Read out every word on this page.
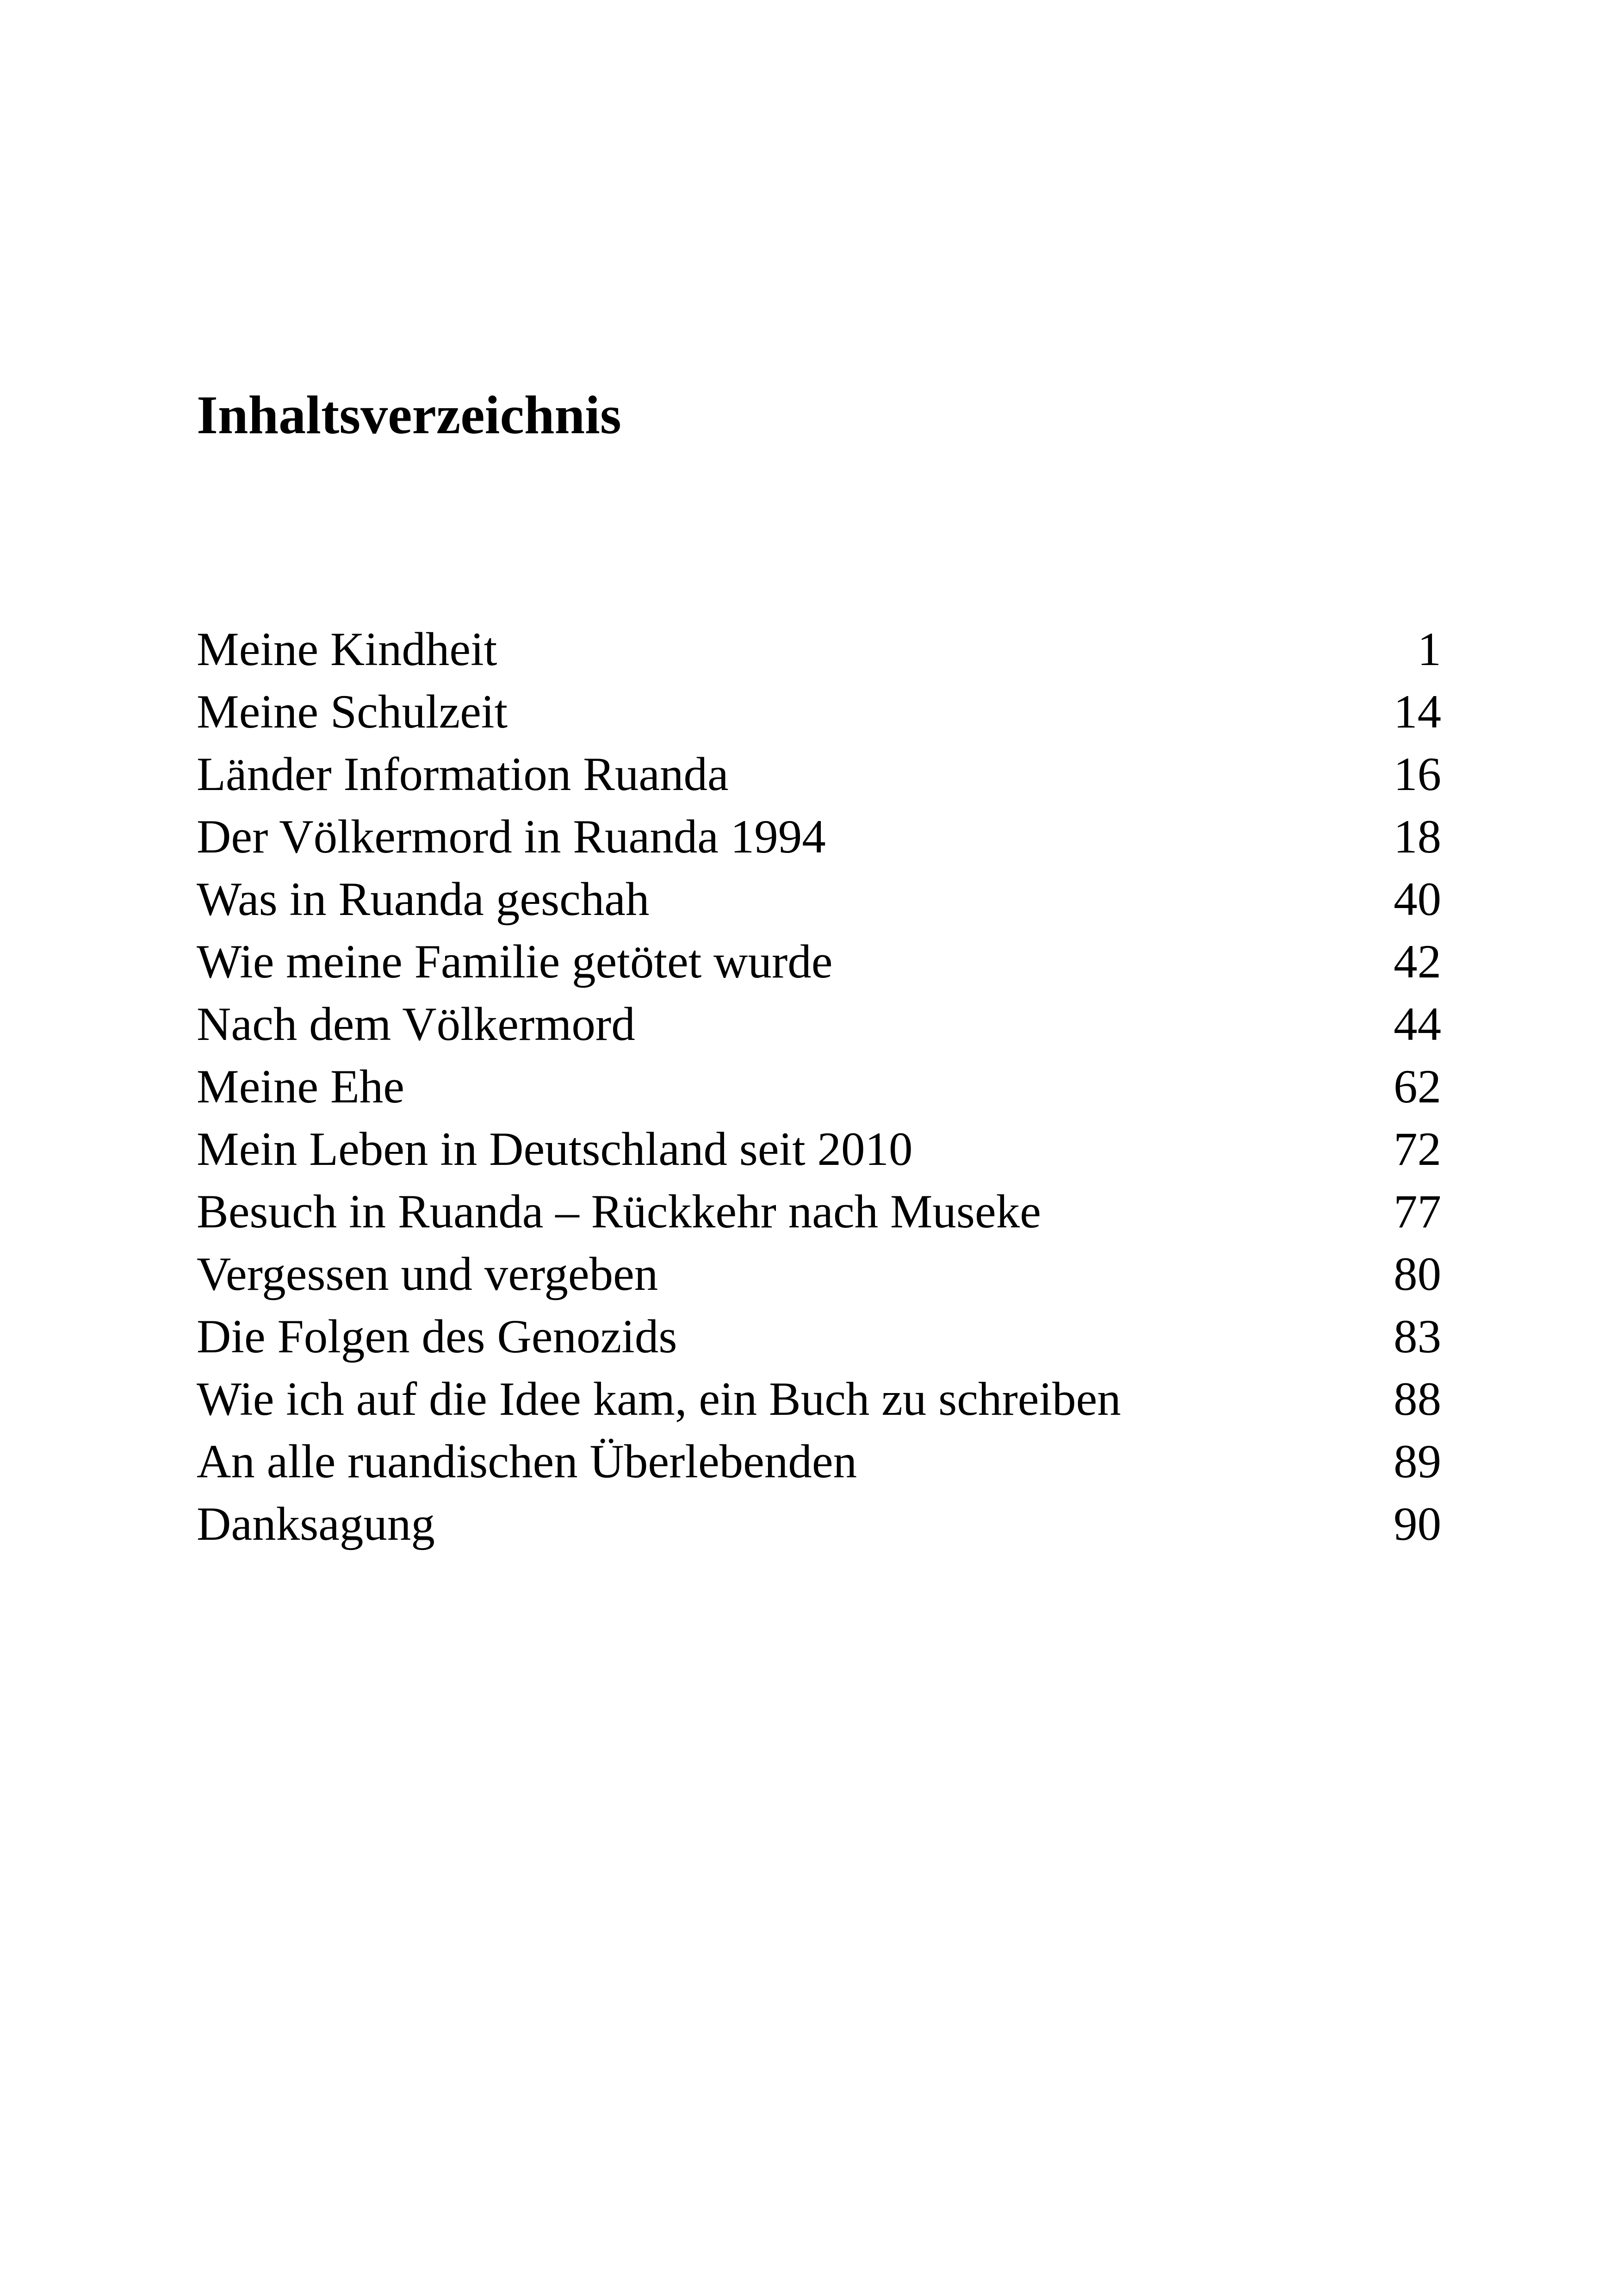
Inhaltsverzeichnis
Meine Kindheit	1
Meine Schulzeit	14
Länder Information Ruanda	16
Der Völkermord in Ruanda 1994	18
Was in Ruanda geschah	40
Wie meine Familie getötet wurde	42
Nach dem Völkermord	44
Meine Ehe	62
Mein Leben in Deutschland seit 2010	72
Besuch in Ruanda – Rückkehr nach Museke	77
Vergessen und vergeben	80
Die Folgen des Genozids	83
Wie ich auf die Idee kam, ein Buch zu schreiben	88
An alle ruandischen Überlebenden	89
Danksagung	90
